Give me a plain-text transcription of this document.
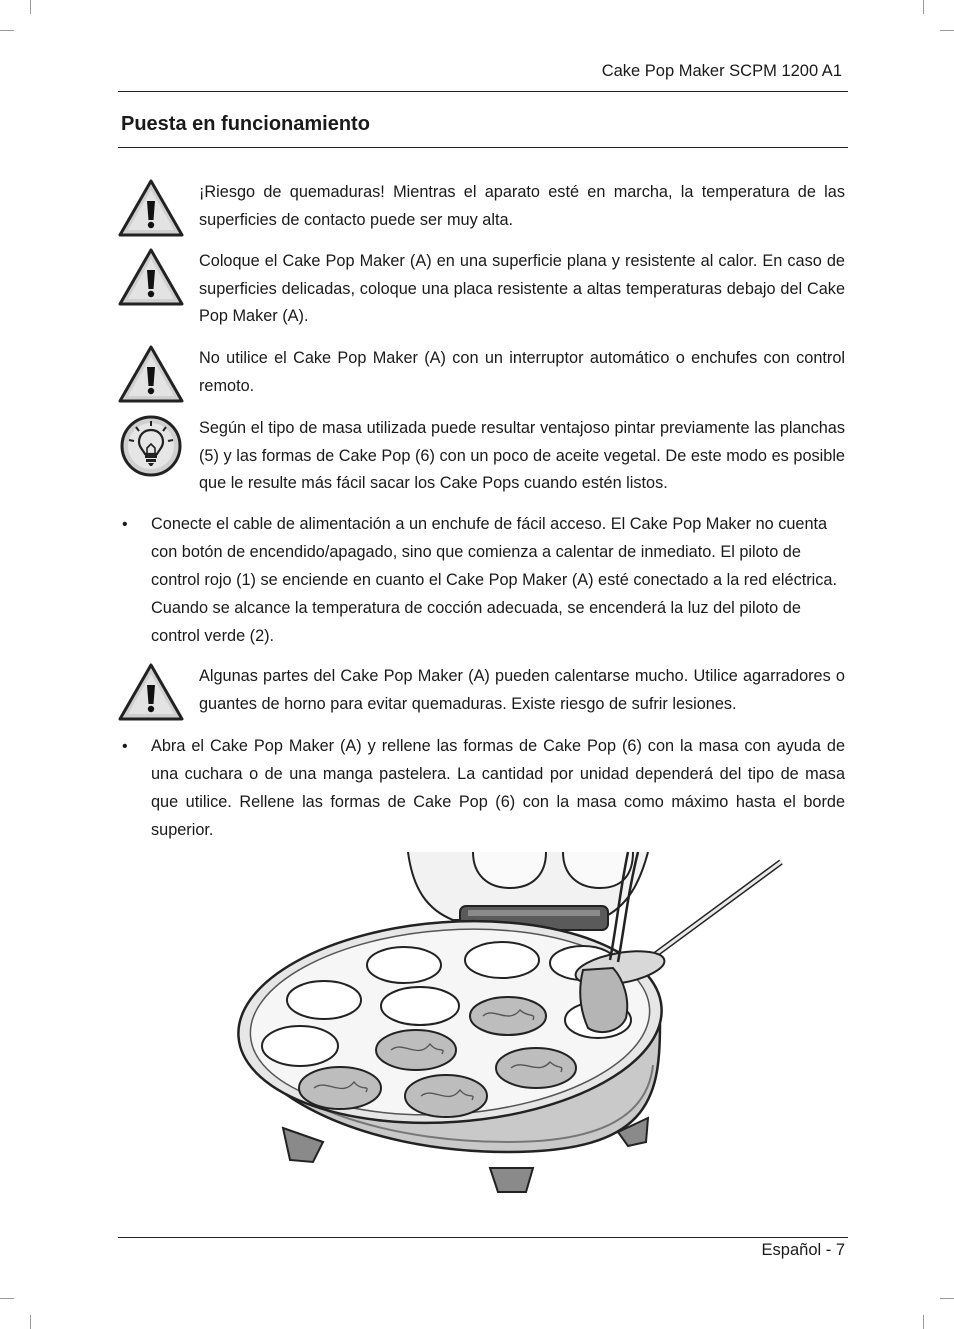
Cake Pop Maker SCPM 1200 A1
Puesta en funcionamiento
¡Riesgo de quemaduras! Mientras el aparato esté en marcha, la temperatura de las superficies de contacto puede ser muy alta.
Coloque el Cake Pop Maker (A) en una superficie plana y resistente al calor. En caso de superficies delicadas, coloque una placa resistente a altas temperaturas debajo del Cake Pop Maker (A).
No utilice el Cake Pop Maker (A) con un interruptor automático o enchufes con control remoto.
Según el tipo de masa utilizada puede resultar ventajoso pintar previamente las planchas (5) y las formas de Cake Pop (6) con un poco de aceite vegetal. De este modo es posible que le resulte más fácil sacar los Cake Pops cuando estén listos.
• Conecte el cable de alimentación a un enchufe de fácil acceso. El Cake Pop Maker no cuenta con botón de encendido/apagado, sino que comienza a calentar de inmediato. El piloto de control rojo (1) se enciende en cuanto el Cake Pop Maker (A) esté conectado a la red eléctrica. Cuando se alcance la temperatura de cocción adecuada, se encenderá la luz del piloto de control verde (2).
Algunas partes del Cake Pop Maker (A) pueden calentarse mucho. Utilice agarradores o guantes de horno para evitar quemaduras. Existe riesgo de sufrir lesiones.
• Abra el Cake Pop Maker (A) y rellene las formas de Cake Pop (6) con la masa con ayuda de una cuchara o de una manga pastelera. La cantidad por unidad dependerá del tipo de masa que utilice. Rellene las formas de Cake Pop (6) con la masa como máximo hasta el borde superior.
Español - 7
